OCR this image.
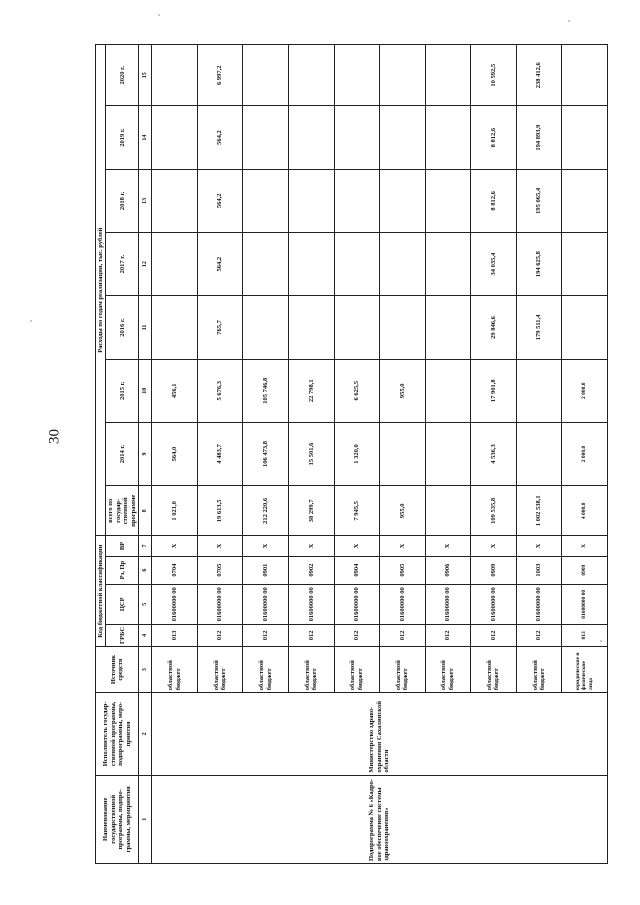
30
Наименование государственной программы, подпрограммы, мероприятия	Исполнитель государственной программы, подпрограммы, мероприятия	Источник средств	Код бюджетной классификации				Расходы по годам реализации, тыс. рублей							
			ГРБС	ЦСР	Рз, Пр	ВР	всего по государственной программе	2014 г.	2015 г.	2016 г.	2017 г.	2018 г.	2019 г.	2020 г.

1	2	3	4	5	6	7	8	9	10	11	12	13	14	15
Подпрограмма № 6 «Кадровое обеспечение системы здравоохранения»	Министерство здравоохранения Сахалинской области	областной бюджет	013	01600000 00	0704	X	1 021,0	564,0	456,1					
		областной бюджет	012	01600000 00	0705	X	19 613,5	4 483,7	5 676,3	765,7	564,2	564,2	564,2	6 997,2
		областной бюджет	012	01600000 00	0901	X	212 220,6	106 473,8	105 746,8					
		областной бюджет	012	01600000 00	0902	X	38 299,7	15 501,6	22 798,1					
		областной бюджет	012	01600000 00	0904	X	7 945,5	1 320,0	6 625,5					
		областной бюджет	012	01600000 00	0905	X	955,0		955,0					
		областной бюджет	012	01600000 00	0906	X								
		областной бюджет	012	01600000 00	0909	X	109 535,8	4 536,3	17 901,8	29 846,6	34 035,4	8 812,6	8 812,6	10 592,5
		областной бюджет	012	01600000 00	1003	X	1 002 538,1			179 511,4	194 625,8	195 065,4	194 893,9	238 412,6
		юридические и физические лица	013	01600000 00	0909	X	4 000,0	2 000,0	2 000,0					
